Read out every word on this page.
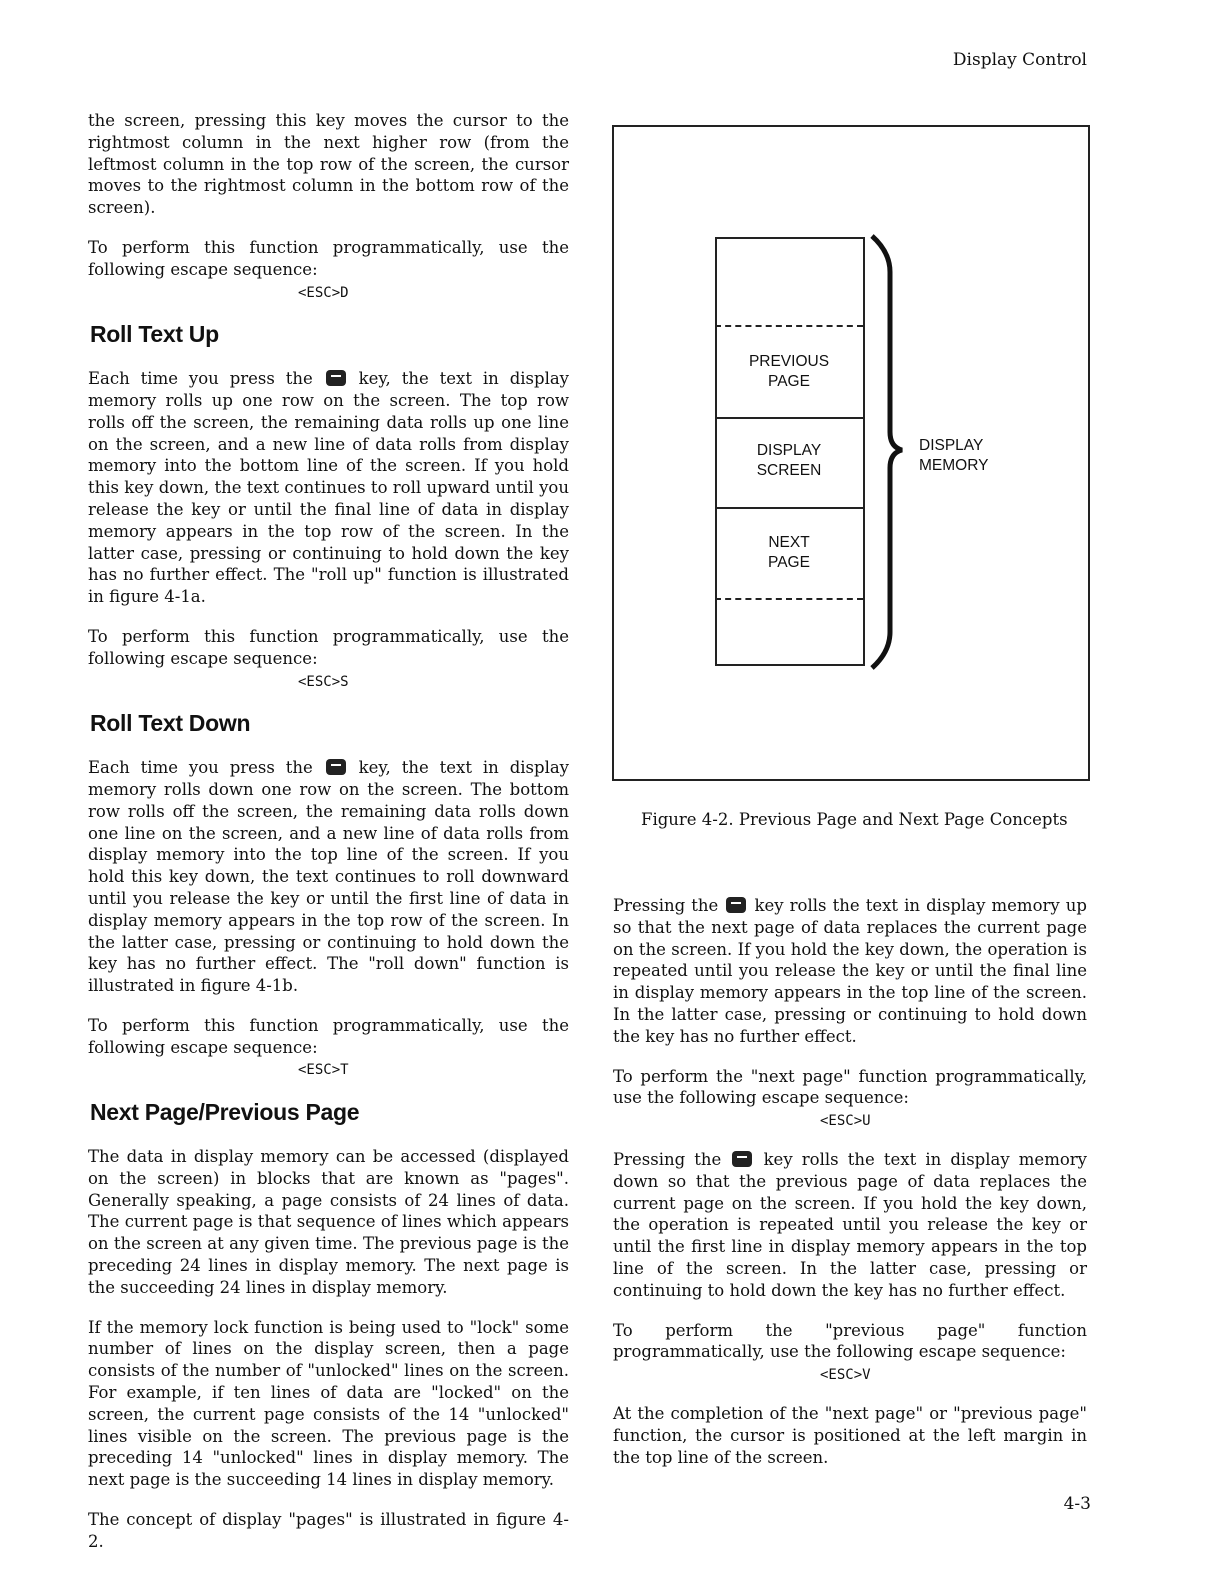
Display Control

the screen, pressing this key moves the cursor to the rightmost column in the next higher row (from the leftmost column in the top row of the screen, the cursor moves to the rightmost column in the bottom row of the screen).

To perform this function programmatically, use the following escape sequence:

<ESC>D
Roll Text Up

Each time you press the	key, the text in display memory rolls up one row on the screen. The top row rolls off the screen, the remaining data rolls up one line on the screen, and a new line of data rolls from display memory into the bottom line of the screen. If you hold this key down, the text continues to roll upward until you release the key or until the final line of data in display memory appears in the top row of the screen. In the latter case, pressing or continuing to hold down the key has no further effect. The "roll up" function is illustrated in figure 4-1a.

To perform this function programmatically, use the following escape sequence:

<ESC>S
Roll Text Down

Each time you press the	key, the text in display memory rolls down one row on the screen. The bottom row rolls off the screen, the remaining data rolls down one line on the screen, and a new line of data rolls from display memory into the top line of the screen. If you hold this key down, the text continues to roll downward until you release the key or until the first line of data in display memory appears in the top row of the screen. In the latter case, pressing or continuing to hold down the key has no further effect. The "roll down" function is illustrated in figure 4-1b.

To perform this function programmatically, use the following escape sequence:

<ESC>T
Next Page/Previous Page

The data in display memory can be accessed (displayed on the screen) in blocks that are known as "pages". Generally speaking, a page consists of 24 lines of data. The current page is that sequence of lines which appears on the screen at any given time. The previous page is the preceding 24 lines in display memory. The next page is the succeeding 24 lines in display memory.

If the memory lock function is being used to "lock" some number of lines on the display screen, then a page consists of the number of "unlocked" lines on the screen. For example, if ten lines of data are "locked" on the screen, the current page consists of the 14 "unlocked" lines visible on the screen. The previous page is the preceding 14 "unlocked" lines in display memory. The next page is the succeeding 14 lines in display memory.

The concept of display "pages" is illustrated in figure 4-2.

PREVIOUS PAGE
DISPLAY SCREEN
NEXT PAGE
DISPLAY MEMORY
Figure 4-2. Previous Page and Next Page Concepts

Pressing the key rolls the text in display memory up so that the next page of data replaces the current page on the screen. If you hold the key down, the operation is repeated until you release the key or until the final line in display memory appears in the top line of the screen. In the latter case, pressing or continuing to hold down the key has no further effect.

To perform the "next page" function programmatically, use the following escape sequence:

<ESC>U

Pressing the	key rolls the text in display memory down so that the previous page of data replaces the current page on the screen. If you hold the key down, the operation is repeated until you release the key or until the first line in display memory appears in the top line of the screen. In the latter case, pressing or continuing to hold down the key has no further effect.

To perform the "previous page" function programmatically, use the following escape sequence:

<ESC>V

At the completion of the "next page" or "previous page" function, the cursor is positioned at the left margin in the top line of the screen.

4-3
